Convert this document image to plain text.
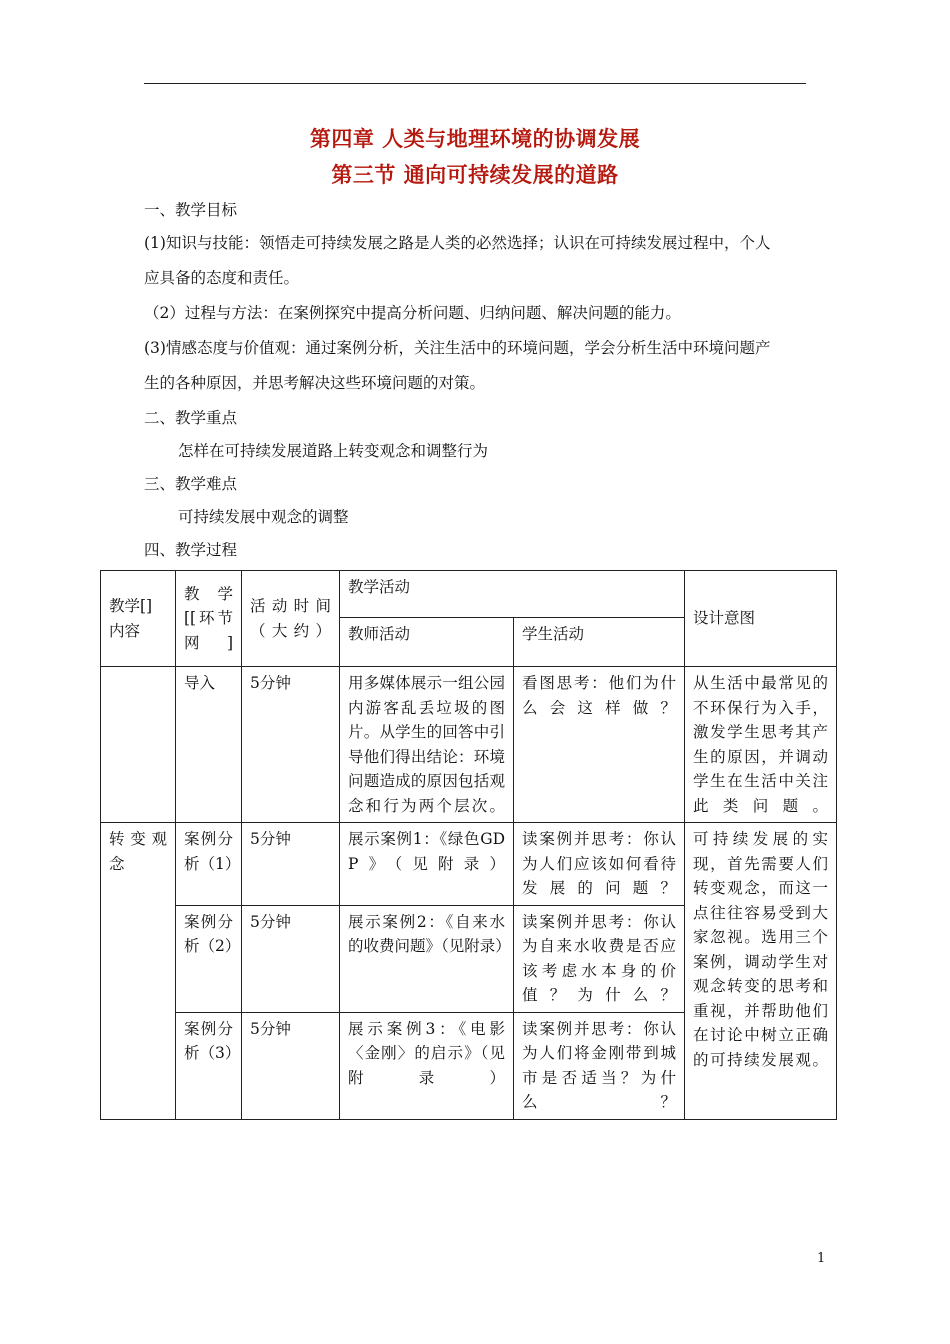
第四章 人类与地理环境的协调发展
第三节 通向可持续发展的道路
一、教学目标
(1)知识与技能：领悟走可持续发展之路是人类的必然选择；认识在可持续发展过程中，个人
应具备的态度和责任。
（2）过程与方法：在案例探究中提高分析问题、归纳问题、解决问题的能力。
(3)情感态度与价值观：通过案例分析，关注生活中的环境问题，学会分析生活中环境问题产
生的各种原因，并思考解决这些环境问题的对策。
二、教学重点
怎样在可持续发展道路上转变观念和调整行为
三、教学难点
可持续发展中观念的调整
四、教学过程
教学[]内容	教学[[环节网]	活动时间（大约）	教学活动		设计意图
			教师活动	学生活动	
	导入	5分钟	用多媒体展示一组公园内游客乱丢垃圾的图片。从学生的回答中引导他们得出结论：环境问题造成的原因包括观念和行为两个层次。	看图思考：他们为什么会这样做？	从生活中最常见的不环保行为入手，激发学生思考其产生的原因，并调动学生在生活中关注此类问题。
转变观念	案例分析（1）	5分钟	展示案例1：《绿色GDP》（见附录）	读案例并思考：你认为人们应该如何看待发展的问题？	可持续发展的实现，首先需要人们转变观念，而这一点往往容易受到大家忽视。选用三个案例，调动学生对观念转变的思考和重视，并帮助他们在讨论中树立正确的可持续发展观。
	案例分析（2）	5分钟	展示案例2：《自来水的收费问题》（见附录）	读案例并思考：你认为自来水收费是否应该考虑水本身的价值？为什么？	
	案例分析（3）	5分钟	展示案例3：《电影〈金刚〉的启示》（见附录）	读案例并思考：你认为人们将金刚带到城市是否适当？为什么？	
1
